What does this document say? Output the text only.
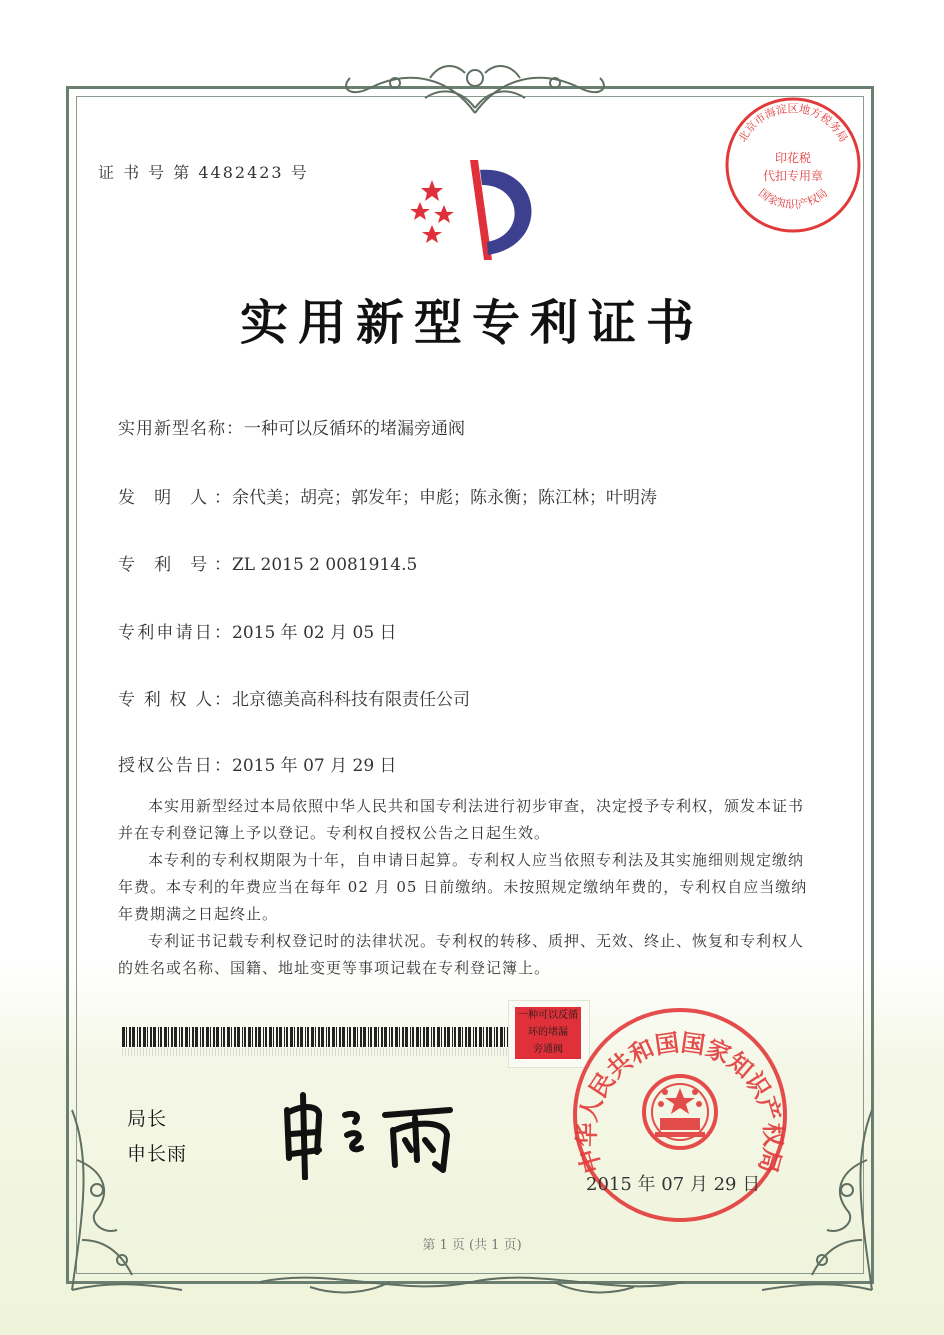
证 书 号 第 4482423 号
北京市海淀区地方税务局
国家知识产权局
印花税
代扣专用章
实用新型专利证书
实用新型名称：一种可以反循环的堵漏旁通阀
发 明 人：余代美；胡亮；郭发年；申彪；陈永衡；陈江林；叶明涛
专 利 号：ZL 2015 2 0081914.5
专利申请日：2015 年 02 月 05 日
专 利 权 人：北京德美高科科技有限责任公司
授权公告日：2015 年 07 月 29 日
本实用新型经过本局依照中华人民共和国专利法进行初步审查，决定授予专利权，颁发本证书并在专利登记簿上予以登记。专利权自授权公告之日起生效。
本专利的专利权期限为十年，自申请日起算。专利权人应当依照专利法及其实施细则规定缴纳年费。本专利的年费应当在每年 02 月 05 日前缴纳。未按照规定缴纳年费的，专利权自应当缴纳年费期满之日起终止。
专利证书记载专利权登记时的法律状况。专利权的转移、质押、无效、终止、恢复和专利权人的姓名或名称、国籍、地址变更等事项记载在专利登记簿上。
一种可以反循
环的堵漏
旁通阀
局长
申长雨	中华人民共和国国家知识产权局
2015 年 07 月 29 日
第 1 页 (共 1 页)
